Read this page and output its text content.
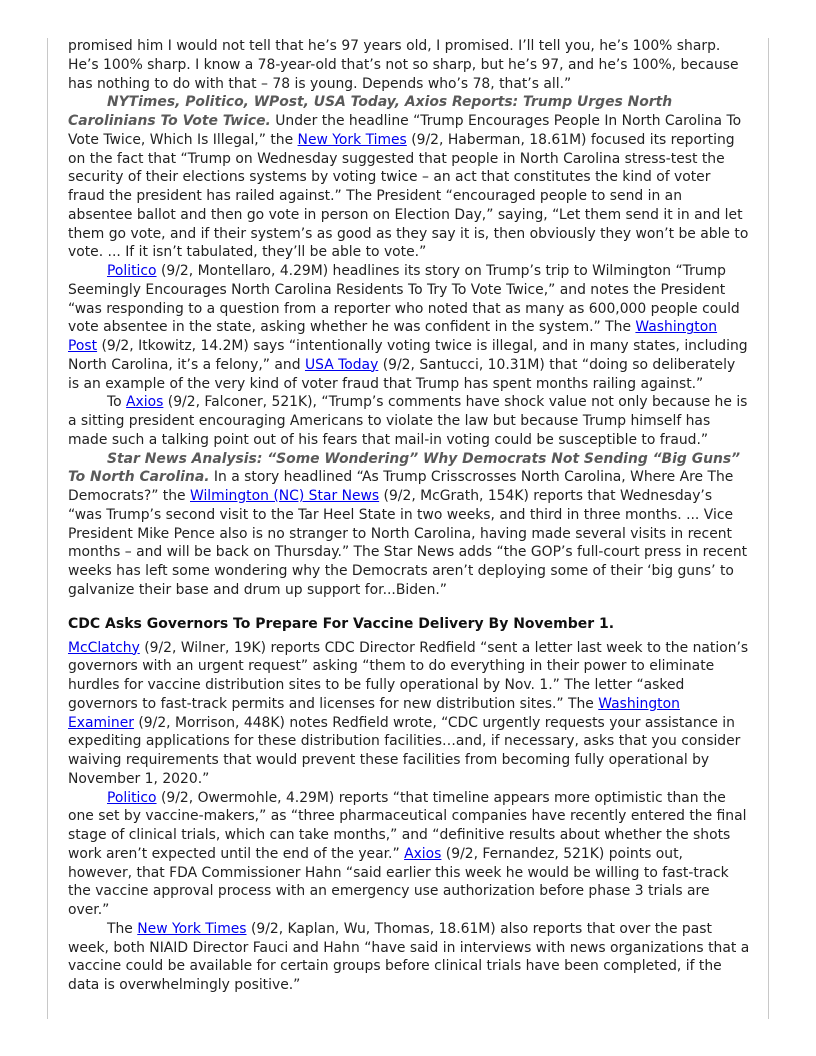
promised him I would not tell that he’s 97 years old, I promised. I’ll tell you, he’s 100% sharp. He’s 100% sharp. I know a 78-year-old that’s not so sharp, but he’s 97, and he’s 100%, because has nothing to do with that – 78 is young. Depends who’s 78, that’s all.”

NYTimes, Politico, WPost, USA Today, Axios Reports: Trump Urges North Carolinians To Vote Twice. Under the headline “Trump Encourages People In North Carolina To Vote Twice, Which Is Illegal,” the New York Times (9/2, Haberman, 18.61M) focused its reporting on the fact that “Trump on Wednesday suggested that people in North Carolina stress-test the security of their elections systems by voting twice – an act that constitutes the kind of voter fraud the president has railed against.” The President “encouraged people to send in an absentee ballot and then go vote in person on Election Day,” saying, “Let them send it in and let them go vote, and if their system’s as good as they say it is, then obviously they won’t be able to vote. ... If it isn’t tabulated, they’ll be able to vote.”

Politico (9/2, Montellaro, 4.29M) headlines its story on Trump’s trip to Wilmington “Trump Seemingly Encourages North Carolina Residents To Try To Vote Twice,” and notes the President “was responding to a question from a reporter who noted that as many as 600,000 people could vote absentee in the state, asking whether he was confident in the system.” The Washington Post (9/2, Itkowitz, 14.2M) says “intentionally voting twice is illegal, and in many states, including North Carolina, it’s a felony,” and USA Today (9/2, Santucci, 10.31M) that “doing so deliberately is an example of the very kind of voter fraud that Trump has spent months railing against.”

To Axios (9/2, Falconer, 521K), “Trump’s comments have shock value not only because he is a sitting president encouraging Americans to violate the law but because Trump himself has made such a talking point out of his fears that mail-in voting could be susceptible to fraud.”

Star News Analysis: “Some Wondering” Why Democrats Not Sending “Big Guns” To North Carolina. In a story headlined “As Trump Crisscrosses North Carolina, Where Are The Democrats?” the Wilmington (NC) Star News (9/2, McGrath, 154K) reports that Wednesday’s “was Trump’s second visit to the Tar Heel State in two weeks, and third in three months. ... Vice President Mike Pence also is no stranger to North Carolina, having made several visits in recent months – and will be back on Thursday.” The Star News adds “the GOP’s full-court press in recent weeks has left some wondering why the Democrats aren’t deploying some of their ‘big guns’ to galvanize their base and drum up support for...Biden.”

CDC Asks Governors To Prepare For Vaccine Delivery By November 1.

McClatchy (9/2, Wilner, 19K) reports CDC Director Redfield “sent a letter last week to the nation’s governors with an urgent request” asking “them to do everything in their power to eliminate hurdles for vaccine distribution sites to be fully operational by Nov. 1.” The letter “asked governors to fast-track permits and licenses for new distribution sites.” The Washington Examiner (9/2, Morrison, 448K) notes Redfield wrote, “CDC urgently requests your assistance in expediting applications for these distribution facilities…and, if necessary, asks that you consider waiving requirements that would prevent these facilities from becoming fully operational by November 1, 2020.”

Politico (9/2, Owermohle, 4.29M) reports “that timeline appears more optimistic than the one set by vaccine-makers,” as “three pharmaceutical companies have recently entered the final stage of clinical trials, which can take months,” and “definitive results about whether the shots work aren’t expected until the end of the year.” Axios (9/2, Fernandez, 521K) points out, however, that FDA Commissioner Hahn “said earlier this week he would be willing to fast-track the vaccine approval process with an emergency use authorization before phase 3 trials are over.”

The New York Times (9/2, Kaplan, Wu, Thomas, 18.61M) also reports that over the past week, both NIAID Director Fauci and Hahn “have said in interviews with news organizations that a vaccine could be available for certain groups before clinical trials have been completed, if the data is overwhelmingly positive.”
